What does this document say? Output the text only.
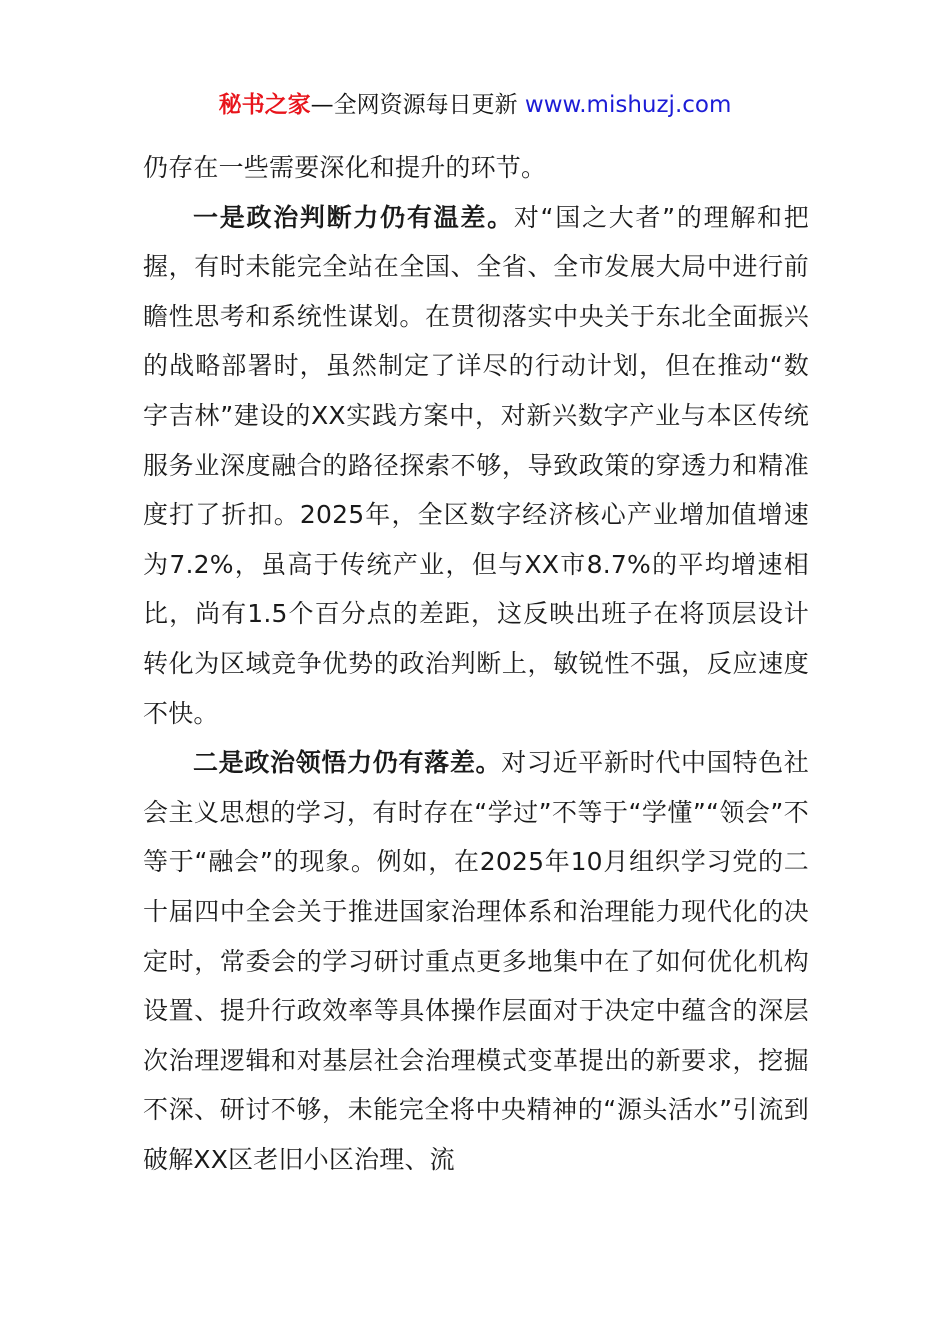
秘书之家—全网资源每日更新 www.mishuzj.com

仍存在一些需要深化和提升的环节。

一是政治判断力仍有温差。对“国之大者”的理解和把握，有时未能完全站在全国、全省、全市发展大局中进行前瞻性思考和系统性谋划。在贯彻落实中央关于东北全面振兴的战略部署时，虽然制定了详尽的行动计划，但在推动“数字吉林”建设的XX实践方案中，对新兴数字产业与本区传统服务业深度融合的路径探索不够，导致政策的穿透力和精准度打了折扣。2025年，全区数字经济核心产业增加值增速为7.2%，虽高于传统产业，但与XX市8.7%的平均增速相比，尚有1.5个百分点的差距，这反映出班子在将顶层设计转化为区域竞争优势的政治判断上，敏锐性不强，反应速度不快。

二是政治领悟力仍有落差。对习近平新时代中国特色社会主义思想的学习，有时存在“学过”不等于“学懂”“领会”不等于“融会”的现象。例如，在2025年10月组织学习党的二十届四中全会关于推进国家治理体系和治理能力现代化的决定时，常委会的学习研讨重点更多地集中在了如何优化机构设置、提升行政效率等具体操作层面对于决定中蕴含的深层次治理逻辑和对基层社会治理模式变革提出的新要求，挖掘不深、研讨不够，未能完全将中央精神的“源头活水”引流到破解XX区老旧小区治理、流
